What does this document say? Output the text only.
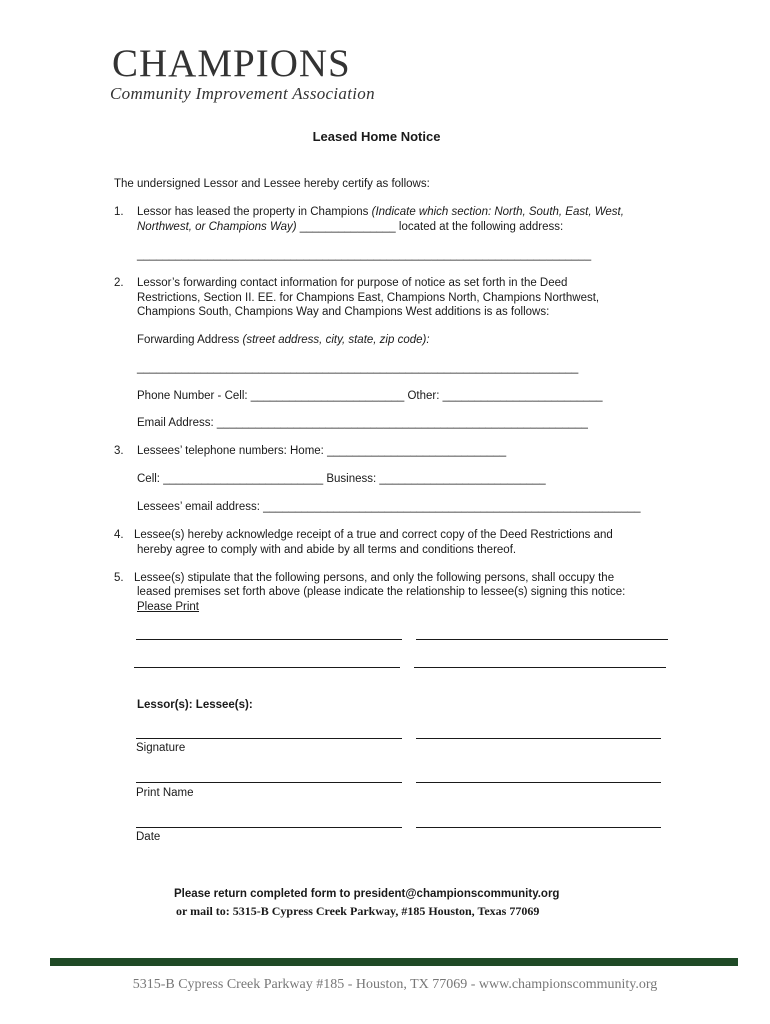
CHAMPIONS
Community Improvement Association
Leased Home Notice
The undersigned Lessor and Lessee hereby certify as follows:
1. Lessor has leased the property in Champions (Indicate which section: North, South, East, West,
Northwest, or Champions Way) _______________ located at the following address:
_______________________________________________________________________
2. Lessor’s forwarding contact information for purpose of notice as set forth in the Deed
Restrictions, Section II. EE. for Champions East, Champions North, Champions Northwest,
Champions South, Champions Way and Champions West additions is as follows:
Forwarding Address (street address, city, state, zip code):
_____________________________________________________________________
Phone Number - Cell: ________________________ Other: _________________________
Email Address: __________________________________________________________
3. Lessees’ telephone numbers: Home: ____________________________
Cell: _________________________ Business: __________________________
Lessees’ email address: ___________________________________________________________
4. Lessee(s) hereby acknowledge receipt of a true and correct copy of the Deed Restrictions and
hereby agree to comply with and abide by all terms and conditions thereof.
5. Lessee(s) stipulate that the following persons, and only the following persons, shall occupy the
leased premises set forth above (please indicate the relationship to lessee(s) signing this notice:
Please Print
Lessor(s): Lessee(s):
Signature
Print Name
Date
Please return completed form to president@championscommunity.org
or mail to: 5315-B Cypress Creek Parkway, #185 Houston, Texas 77069
5315-B Cypress Creek Parkway #185 - Houston, TX 77069 - www.championscommunity.org
